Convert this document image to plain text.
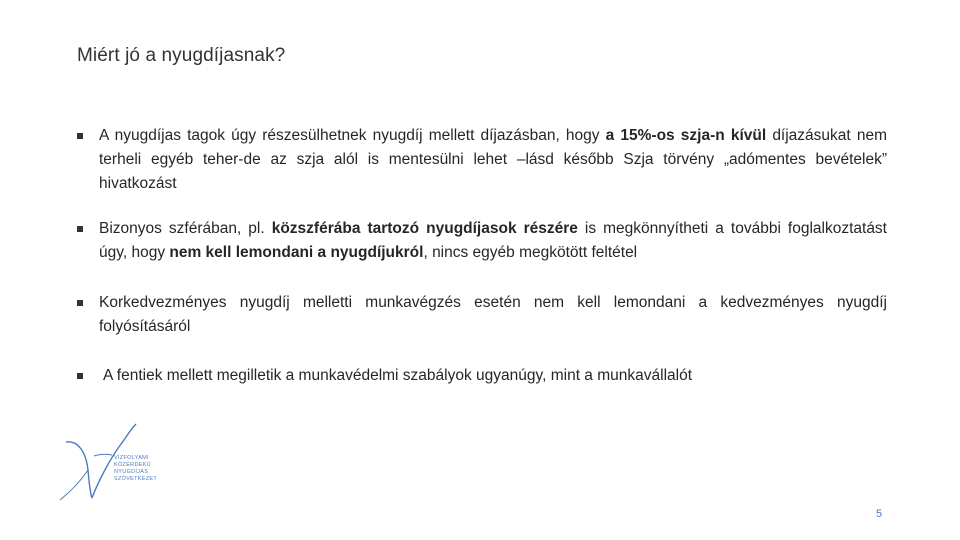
Miért jó a nyugdíjasnak?
A nyugdíjas tagok úgy részesülhetnek nyugdíj mellett díjazásban, hogy a 15%-os szja-n kívül díjazásukat nem terheli egyéb teher-de az szja alól is mentesülni lehet –lásd később Szja törvény „adómentes bevételek” hivatkozást
Bizonyos szférában, pl. közszférába tartozó nyugdíjasok részére is megkönnyítheti a további foglalkoztatást úgy, hogy nem kell lemondani a nyugdíjukról, nincs egyéb megkötött feltétel
Korkedvezményes nyugdíj melletti munkavégzés esetén nem kell lemondani a kedvezményes nyugdíj folyósításáról
A fentiek mellett megilletik a munkavédelmi szabályok ugyanúgy, mint a munkavállalót
VÍZFOLYAMI
KÖZÉRDEKŰ
NYUGDÍJAS
SZÖVETKEZET
5
